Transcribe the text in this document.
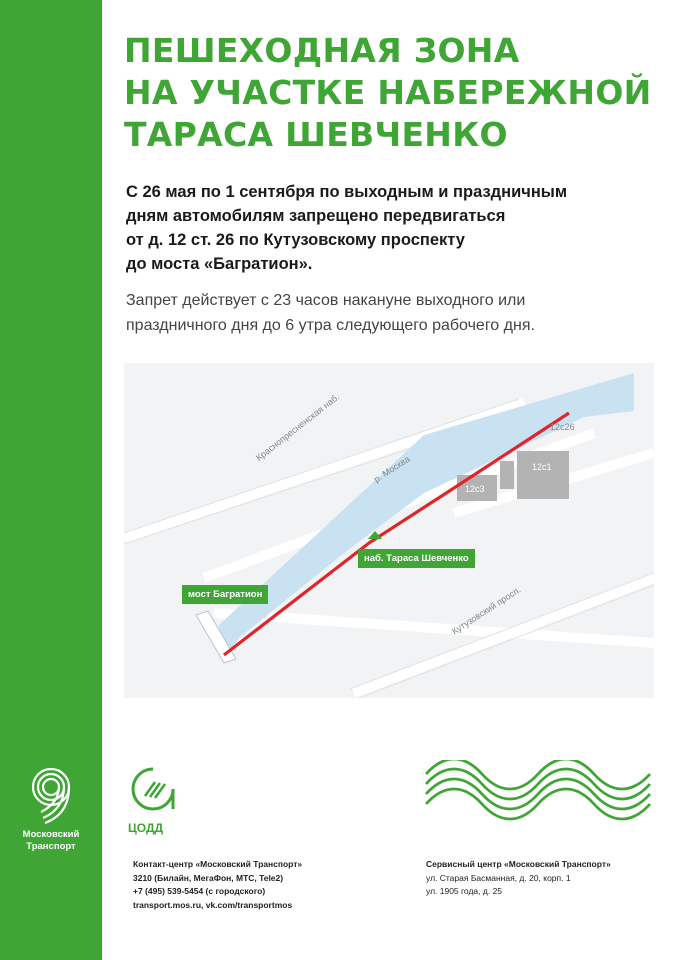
Московский
Транспорт
ПЕШЕХОДНАЯ ЗОНА
НА УЧАСТКЕ НАБЕРЕЖНОЙ
ТАРАСА ШЕВЧЕНКО
С 26 мая по 1 сентября по выходным и праздничным
дням автомобилям запрещено передвигаться
от д. 12 ст. 26 по Кутузовскому проспекту
до моста «Багратион».
Запрет действует с 23 часов накануне выходного или
праздничного дня до 6 утра следующего рабочего дня.
мост Багратион
наб. Тараса Шевченко
Краснопресненская наб.
р. Москва
Кутузовский просп.
12с26
12с1
12с3
ЦОДД
Контакт-центр «Московский Транспорт»
3210 (Билайн, МегаФон, МТС, Tele2)
+7 (495) 539-5454 (с городского)
transport.mos.ru, vk.com/transportmos
Сервисный центр «Московский Транспорт»
ул. Старая Басманная, д. 20, корп. 1
ул. 1905 года, д. 25
